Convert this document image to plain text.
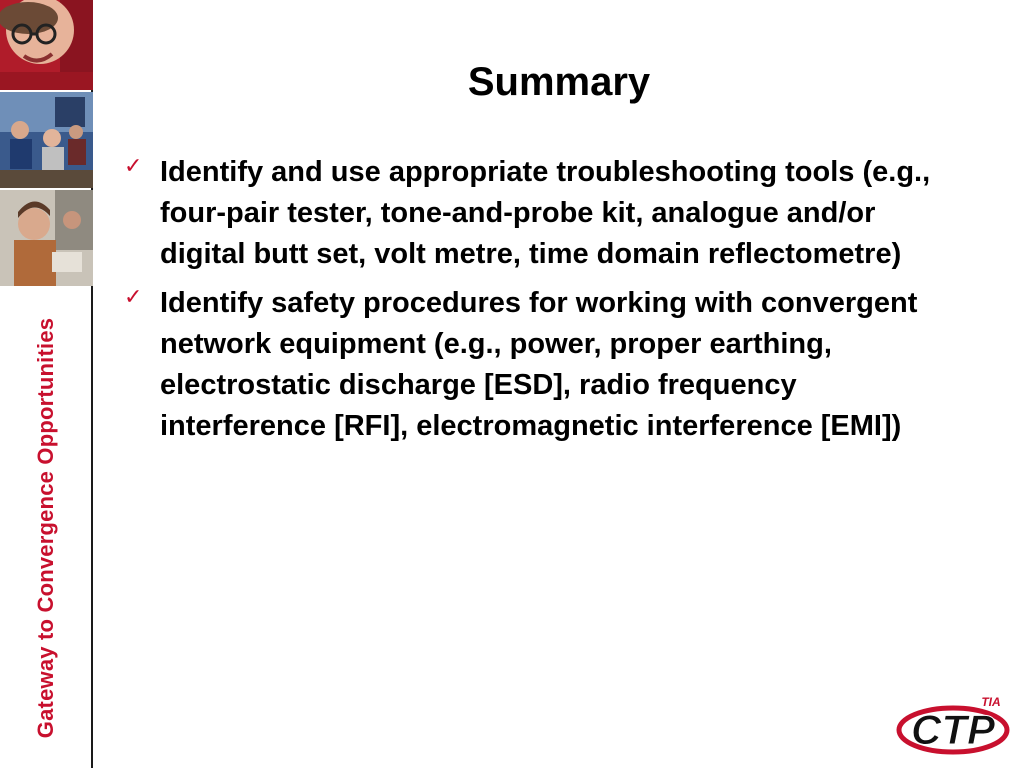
Gateway to Convergence Opportunities
Summary
✓ Identify and use appropriate troubleshooting tools (e.g., four-pair tester, tone-and-probe kit, analogue and/or digital butt set, volt metre, time domain reflectometre)
✓ Identify safety procedures for working with convergent network equipment (e.g., power, proper earthing, electrostatic discharge [ESD], radio frequency interference [RFI], electromagnetic interference [EMI])
CTP
TIA
